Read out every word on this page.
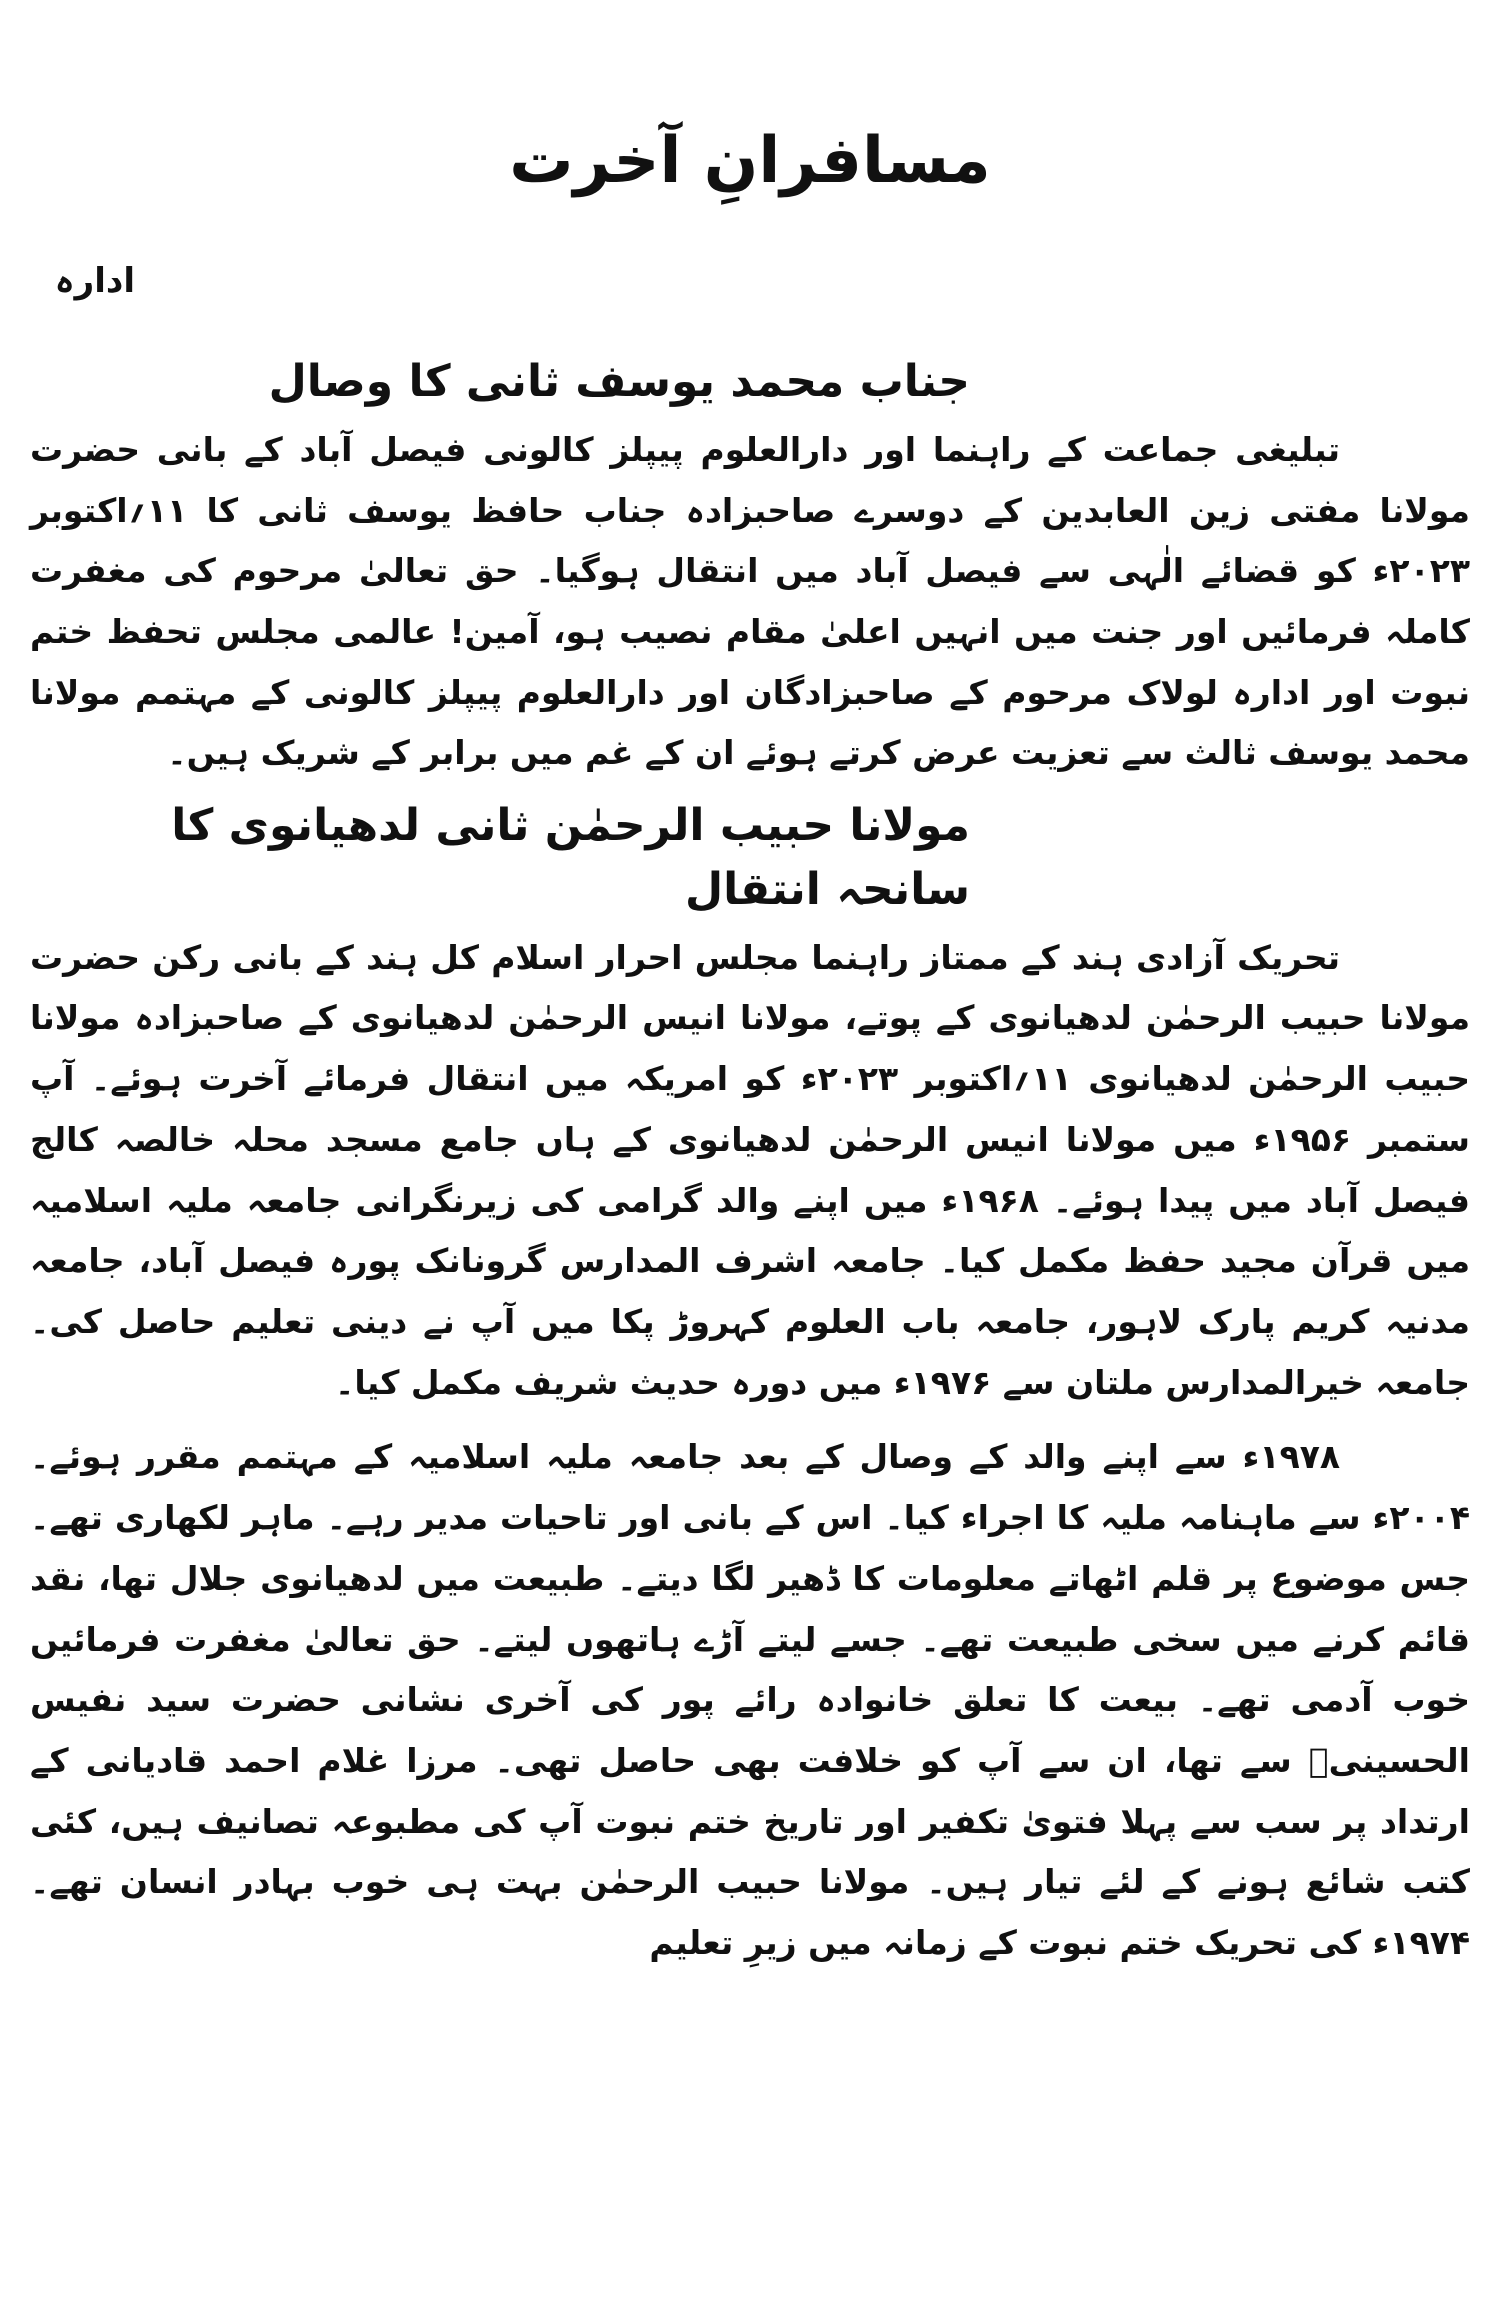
مسافرانِ آخرت
ادارہ
جناب محمد یوسف ثانی کا وصال

تبلیغی جماعت کے راہنما اور دارالعلوم پیپلز کالونی فیصل آباد کے بانی حضرت مولانا مفتی زین العابدین کے دوسرے صاحبزادہ جناب حافظ یوسف ثانی کا ۱۱؍اکتوبر ۲۰۲۳ء کو قضائے الٰہی سے فیصل آباد میں انتقال ہوگیا۔ حق تعالیٰ مرحوم کی مغفرت کاملہ فرمائیں اور جنت میں انہیں اعلیٰ مقام نصیب ہو، آمین! عالمی مجلس تحفظ ختم نبوت اور ادارہ لولاک مرحوم کے صاحبزادگان اور دارالعلوم پیپلز کالونی کے مہتمم مولانا محمد یوسف ثالث سے تعزیت عرض کرتے ہوئے ان کے غم میں برابر کے شریک ہیں۔

مولانا حبیب الرحمٰن ثانی لدھیانوی کا سانحہ انتقال

تحریک آزادی ہند کے ممتاز راہنما مجلس احرار اسلام کل ہند کے بانی رکن حضرت مولانا حبیب الرحمٰن لدھیانوی کے پوتے، مولانا انیس الرحمٰن لدھیانوی کے صاحبزادہ مولانا حبیب الرحمٰن لدھیانوی ۱۱؍اکتوبر ۲۰۲۳ء کو امریکہ میں انتقال فرمائے آخرت ہوئے۔ آپ ستمبر ۱۹۵۶ء میں مولانا انیس الرحمٰن لدھیانوی کے ہاں جامع مسجد محلہ خالصہ کالج فیصل آباد میں پیدا ہوئے۔ ۱۹۶۸ء میں اپنے والد گرامی کی زیرنگرانی جامعہ ملیہ اسلامیہ میں قرآن مجید حفظ مکمل کیا۔ جامعہ اشرف المدارس گرونانک پورہ فیصل آباد، جامعہ مدنیہ کریم پارک لاہور، جامعہ باب العلوم کہروڑ پکا میں آپ نے دینی تعلیم حاصل کی۔ جامعہ خیرالمدارس ملتان سے ۱۹۷۶ء میں دورہ حدیث شریف مکمل کیا۔

۱۹۷۸ء سے اپنے والد کے وصال کے بعد جامعہ ملیہ اسلامیہ کے مہتمم مقرر ہوئے۔ ۲۰۰۴ء سے ماہنامہ ملیہ کا اجراء کیا۔ اس کے بانی اور تاحیات مدیر رہے۔ ماہر لکھاری تھے۔ جس موضوع پر قلم اٹھاتے معلومات کا ڈھیر لگا دیتے۔ طبیعت میں لدھیانوی جلال تھا، نقد قائم کرنے میں سخی طبیعت تھے۔ جسے لیتے آڑے ہاتھوں لیتے۔ حق تعالیٰ مغفرت فرمائیں خوب آدمی تھے۔ بیعت کا تعلق خانوادہ رائے پور کی آخری نشانی حضرت سید نفیس الحسینیؒ سے تھا، ان سے آپ کو خلافت بھی حاصل تھی۔ مرزا غلام احمد قادیانی کے ارتداد پر سب سے پہلا فتویٰ تکفیر اور تاریخ ختم نبوت آپ کی مطبوعہ تصانیف ہیں، کئی کتب شائع ہونے کے لئے تیار ہیں۔ مولانا حبیب الرحمٰن بہت ہی خوب بہادر انسان تھے۔ ۱۹۷۴ء کی تحریک ختم نبوت کے زمانہ میں زیرِ تعلیم
